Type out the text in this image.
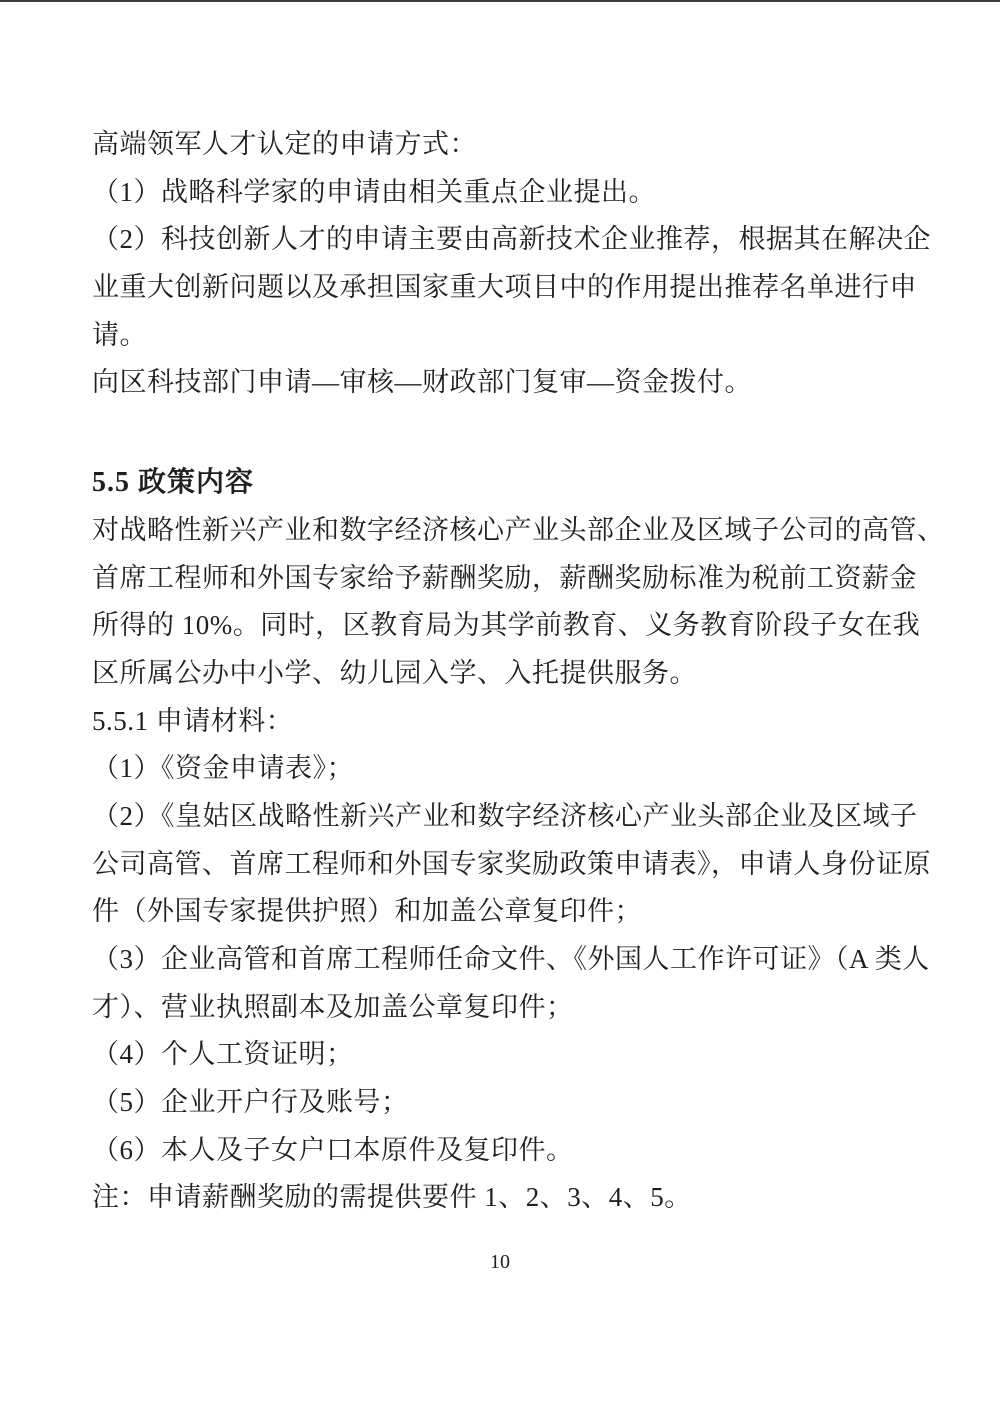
高端领军人才认定的申请方式：
（1）战略科学家的申请由相关重点企业提出。
（2）科技创新人才的申请主要由高新技术企业推荐，根据其在解决企
业重大创新问题以及承担国家重大项目中的作用提出推荐名单进行申
请。
向区科技部门申请—审核—财政部门复审—资金拨付。
5.5 政策内容
对战略性新兴产业和数字经济核心产业头部企业及区域子公司的高管、
首席工程师和外国专家给予薪酬奖励，薪酬奖励标准为税前工资薪金
所得的 10%。同时，区教育局为其学前教育、义务教育阶段子女在我
区所属公办中小学、幼儿园入学、入托提供服务。
5.5.1 申请材料：
（1）《资金申请表》；
（2）《皇姑区战略性新兴产业和数字经济核心产业头部企业及区域子
公司高管、首席工程师和外国专家奖励政策申请表》，申请人身份证原
件（外国专家提供护照）和加盖公章复印件；
（3）企业高管和首席工程师任命文件、《外国人工作许可证》（A 类人
才）、营业执照副本及加盖公章复印件；
（4）个人工资证明；
（5）企业开户行及账号；
（6）本人及子女户口本原件及复印件。
注：申请薪酬奖励的需提供要件 1、2、3、4、5。
10
